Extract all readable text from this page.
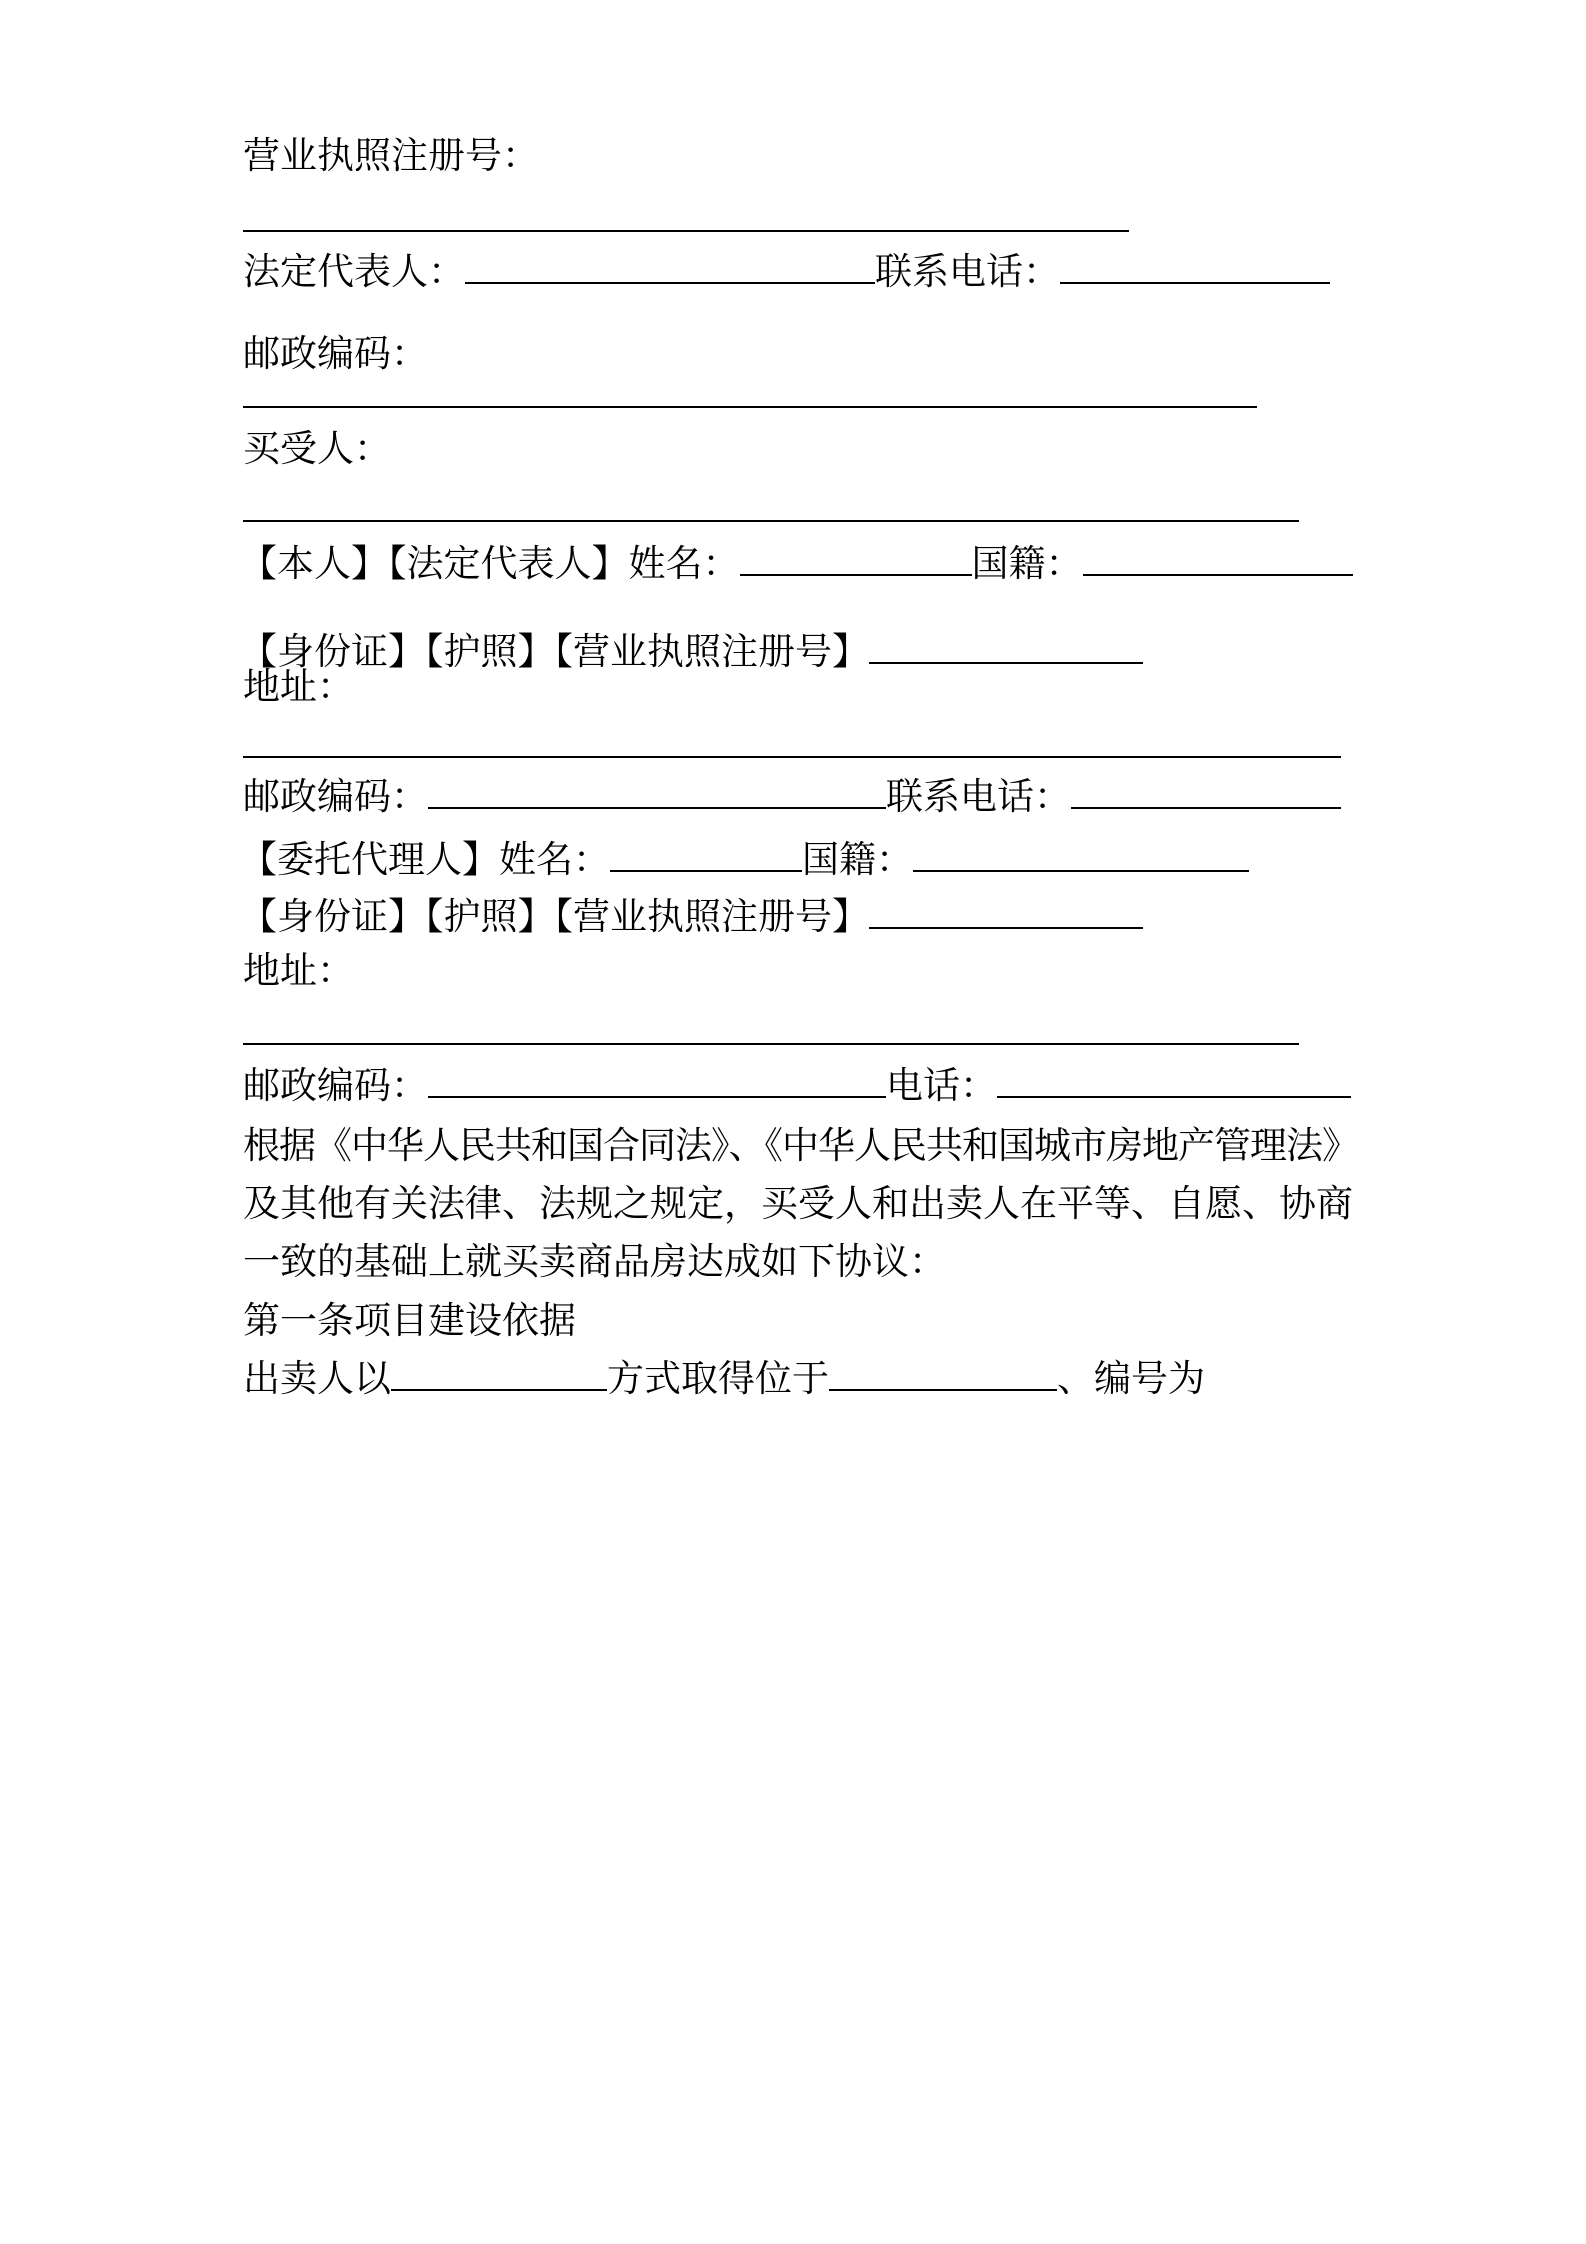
营业执照注册号：
法定代表人：	联系电话：
邮政编码：
买受人：
【本人】【法定代表人】姓名：	国籍：
【身份证】【护照】【营业执照注册号】
地址：
邮政编码：	联系电话：
【委托代理人】姓名：	国籍：
【身份证】【护照】【营业执照注册号】
地址：
邮政编码：	电话：
根据《中华人民共和国合同法》、《中华人民共和国城市房地产管理法》
及其他有关法律、法规之规定，买受人和出卖人在平等、自愿、协商
一致的基础上就买卖商品房达成如下协议：
第一条项目建设依据
出卖人以	方式取得位于	、编号为
